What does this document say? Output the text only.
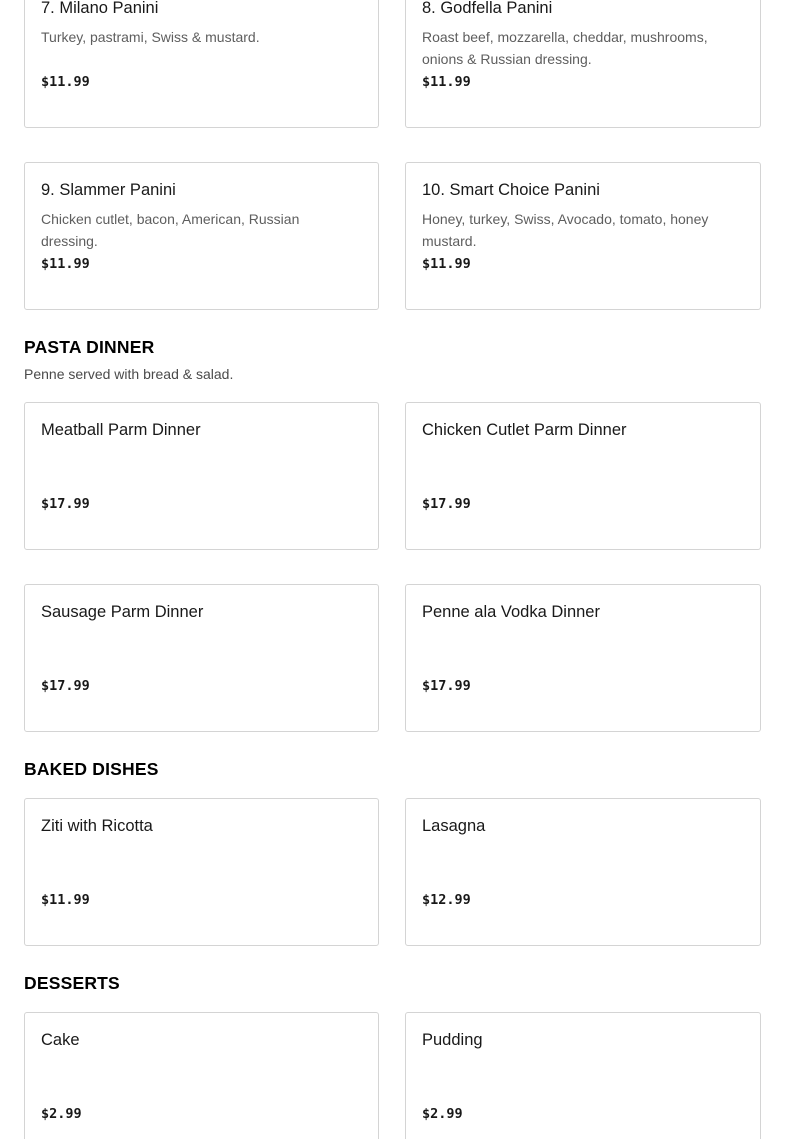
7. Milano Panini
Turkey, pastrami, Swiss & mustard.
$11.99
8. Godfella Panini
Roast beef, mozzarella, cheddar, mushrooms, onions & Russian dressing.
$11.99
9. Slammer Panini
Chicken cutlet, bacon, American, Russian dressing.
$11.99
10. Smart Choice Panini
Honey, turkey, Swiss, Avocado, tomato, honey mustard.
$11.99
PASTA DINNER

Penne served with bread & salad.

Meatball Parm Dinner
$17.99
Chicken Cutlet Parm Dinner
$17.99
Sausage Parm Dinner
$17.99
Penne ala Vodka Dinner
$17.99
BAKED DISHES
Ziti with Ricotta
$11.99
Lasagna
$12.99
DESSERTS
Cake
$2.99
Pudding
$2.99
